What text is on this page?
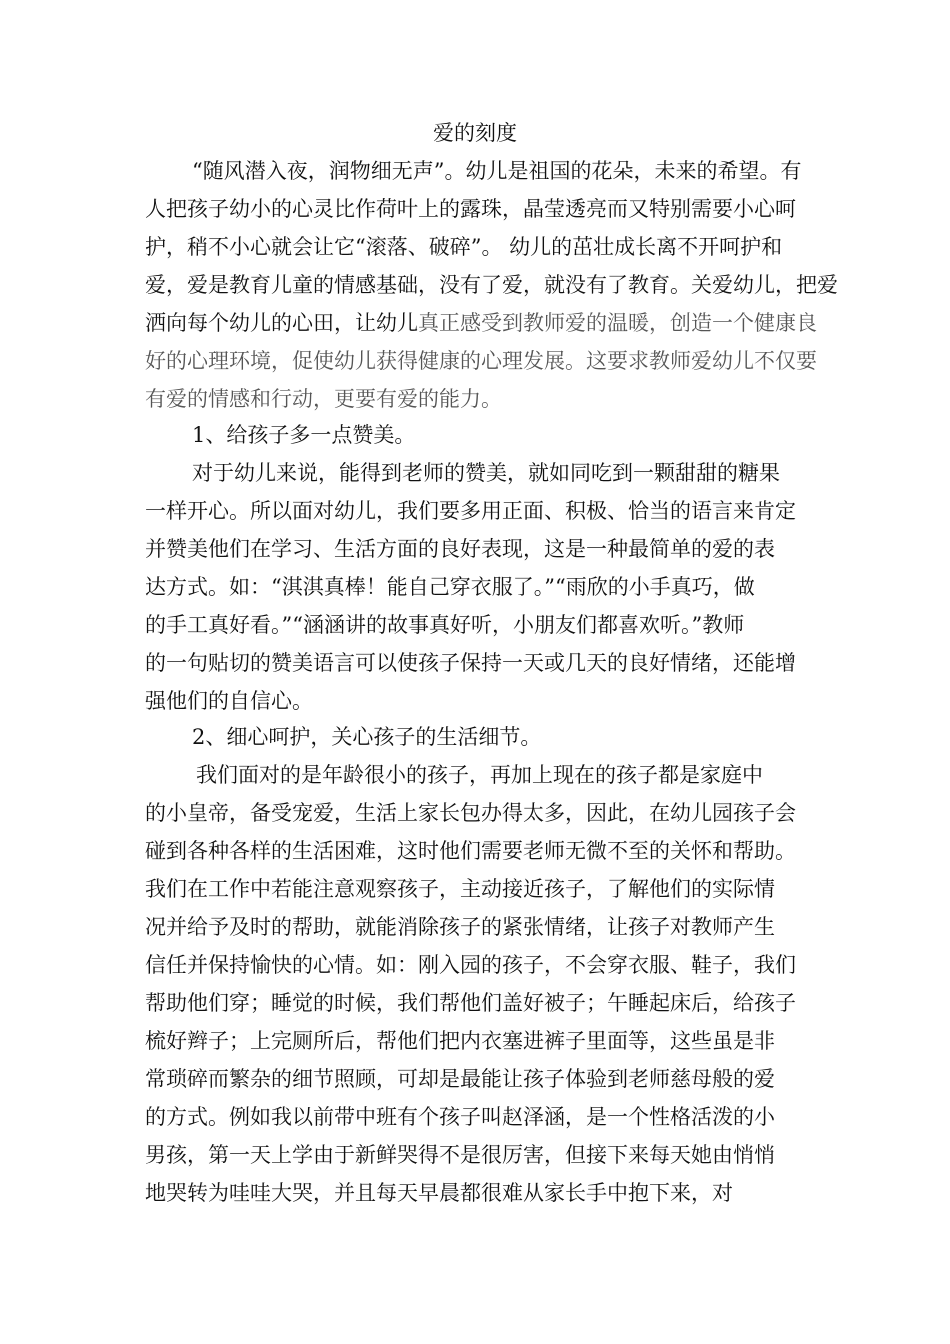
爱的刻度
“随风潜入夜，润物细无声”。幼儿是祖国的花朵，未来的希望。有
人把孩子幼小的心灵比作荷叶上的露珠，晶莹透亮而又特别需要小心呵
护，稍不小心就会让它“滚落、破碎”。 幼儿的茁壮成长离不开呵护和
爱，爱是教育儿童的情感基础，没有了爱，就没有了教育。关爱幼儿，把爱
洒向每个幼儿的心田，让幼儿真正感受到教师爱的温暖，创造一个健康良
好的心理环境，促使幼儿获得健康的心理发展。这要求教师爱幼儿不仅要
有爱的情感和行动，更要有爱的能力。
1、给孩子多一点赞美。
对于幼儿来说，能得到老师的赞美，就如同吃到一颗甜甜的糖果
一样开心。所以面对幼儿，我们要多用正面、积极、恰当的语言来肯定
并赞美他们在学习、生活方面的良好表现，这是一种最简单的爱的表
达方式。如：“淇淇真棒！能自己穿衣服了。”“雨欣的小手真巧，做
的手工真好看。”“涵涵讲的故事真好听，小朋友们都喜欢听。”教师
的一句贴切的赞美语言可以使孩子保持一天或几天的良好情绪，还能增
强他们的自信心。
2、细心呵护，关心孩子的生活细节。
我们面对的是年龄很小的孩子，再加上现在的孩子都是家庭中
的小皇帝，备受宠爱，生活上家长包办得太多，因此，在幼儿园孩子会
碰到各种各样的生活困难，这时他们需要老师无微不至的关怀和帮助。
我们在工作中若能注意观察孩子，主动接近孩子，了解他们的实际情
况并给予及时的帮助，就能消除孩子的紧张情绪，让孩子对教师产生
信任并保持愉快的心情。如：刚入园的孩子，不会穿衣服、鞋子，我们
帮助他们穿；睡觉的时候，我们帮他们盖好被子；午睡起床后，给孩子
梳好辫子；上完厕所后，帮他们把内衣塞进裤子里面等，这些虽是非
常琐碎而繁杂的细节照顾，可却是最能让孩子体验到老师慈母般的爱
的方式。例如我以前带中班有个孩子叫赵泽涵，是一个性格活泼的小
男孩，第一天上学由于新鲜哭得不是很厉害，但接下来每天她由悄悄
地哭转为哇哇大哭，并且每天早晨都很难从家长手中抱下来，对
